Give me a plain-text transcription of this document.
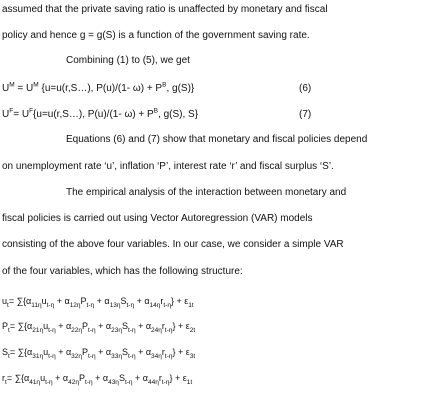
assumed that the private saving ratio is unaffected by monetary and fiscal
policy and hence g = g(S) is a function of the government saving rate.
Combining (1) to (5), we get
$U^M = U^M$ {u=u(r,S…), P(u)/(1- $\omega) + P^B$, g(S)}	(6)
$U^F=$ $U^F\{u=u(r,S\dots)$, P(u)/(1- $\omega) + P^B$, g(S), S}	(7)
Equations (6) and (7) show that monetary and fiscal policies depend
on unemployment rate ‘u’, inflation ‘P’, interest rate ‘r’ and fiscal surplus ‘S’.
The empirical analysis of the interaction between monetary and
fiscal policies is carried out using Vector Autoregression (VAR) models
consisting of the above four variables. In our case, we consider a simple VAR
of the four variables, which has the following structure:
$u_t= \sum\{\alpha_{11\eta}u_{t-\eta} + \alpha_{12\eta}P_{t-\eta} + \alpha_{13\eta}S_{t-\eta} + \alpha_{14\eta}r_{t-\eta}\} + \varepsilon_{1t}$
$P_t= \sum\{\alpha_{21\eta}u_{t-\eta} + \alpha_{22\eta}P_{t-\eta} + \alpha_{23\eta}S_{t-\eta} + \alpha_{24\eta}r_{t-\eta}\} + \varepsilon_{2t}$
$S_t= \sum\{\alpha_{31\eta}u_{t-\eta} + \alpha_{32\eta}P_{t-\eta} + \alpha_{33\eta}S_{t-\eta} + \alpha_{34\eta}r_{t-\eta}\} + \varepsilon_{3t}$
$r_t= \sum\{\alpha_{41\eta}u_{t-\eta} + \alpha_{42\eta}P_{t-\eta} + \alpha_{43\eta}S_{t-\eta} + \alpha_{44\eta}r_{t-\eta}\} + \varepsilon_{1t}$
